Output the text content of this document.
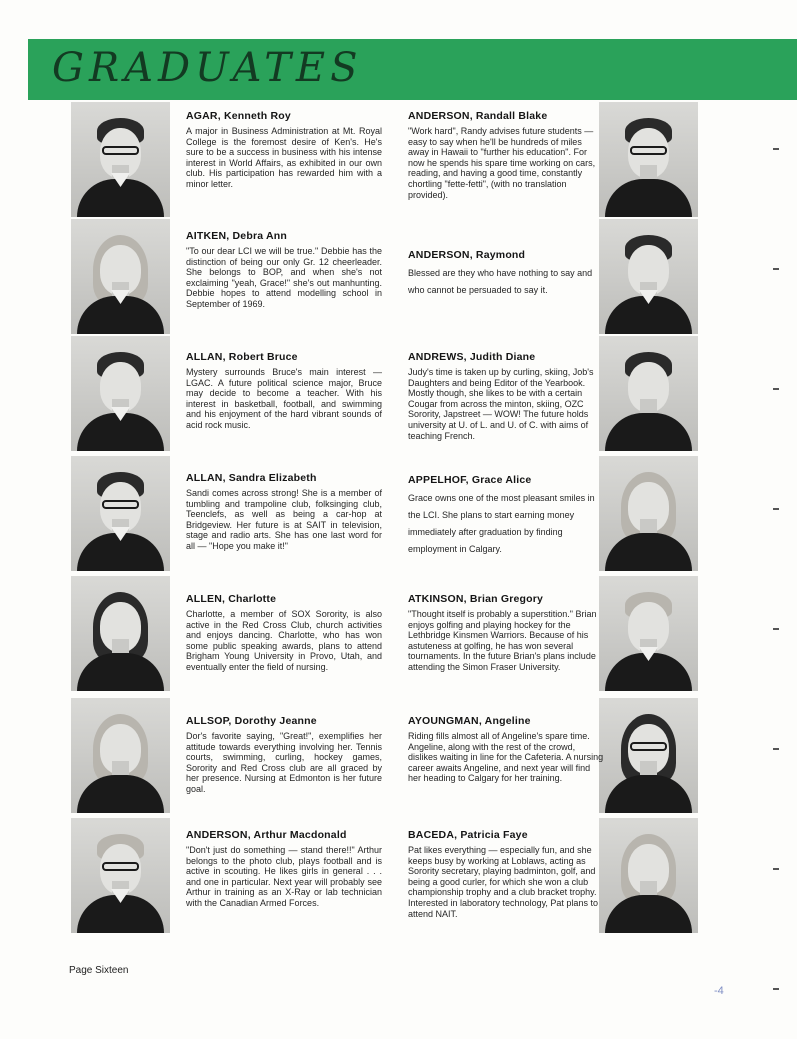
GRADUATES
AGAR, Kenneth Roy
A major in Business Administration at Mt. Royal College is the foremost desire of Ken's. He's sure to be a success in business with his intense interest in World Affairs, as exhibited in our own club. His participation has rewarded him with a minor letter.
AITKEN, Debra Ann
"To our dear LCI we will be true." Debbie has the distinction of being our only Gr. 12 cheerleader. She belongs to BOP, and when she's not exclaiming "yeah, Grace!" she's out manhunting. Debbie hopes to attend modelling school in September of 1969.
ALLAN, Robert Bruce
Mystery surrounds Bruce's main interest — LGAC. A future political science major, Bruce may decide to become a teacher. With his interest in basketball, football, and swimming and his enjoyment of the hard vibrant sounds of acid rock music.
ALLAN, Sandra Elizabeth
Sandi comes across strong! She is a member of tumbling and trampoline club, folksinging club, Teenclefs, as well as being a car-hop at Bridgeview. Her future is at SAIT in television, stage and radio arts. She has one last word for all — "Hope you make it!"
ALLEN, Charlotte
Charlotte, a member of SOX Sorority, is also active in the Red Cross Club, church activities and enjoys dancing. Charlotte, who has won some public speaking awards, plans to attend Brigham Young University in Provo, Utah, and eventually enter the field of nursing.
ALLSOP, Dorothy Jeanne
Dor's favorite saying, "Great!", exemplifies her attitude towards everything involving her. Tennis courts, swimming, curling, hockey games, Sorority and Red Cross club are all graced by her presence. Nursing at Edmonton is her future goal.
ANDERSON, Arthur Macdonald
"Don't just do something — stand there!!" Arthur belongs to the photo club, plays football and is active in scouting. He likes girls in general . . . and one in particular. Next year will probably see Arthur in training as an X-Ray or lab technician with the Canadian Armed Forces.
ANDERSON, Randall Blake
"Work hard", Randy advises future students — easy to say when he'll be hundreds of miles away in Hawaii to "further his education". For now he spends his spare time working on cars, reading, and having a good time, constantly chortling "fette-fetti", (with no translation provided).
ANDERSON, Raymond
Blessed are they who have nothing to say and who cannot be persuaded to say it.
ANDREWS, Judith Diane
Judy's time is taken up by curling, skiing, Job's Daughters and being Editor of the Yearbook. Mostly though, she likes to be with a certain Cougar from across the minton, skiing, OZC Sorority, Japstreet — WOW! The future holds university at U. of L. and U. of C. with aims of teaching French.
APPELHOF, Grace Alice
Grace owns one of the most pleasant smiles in the LCI. She plans to start earning money immediately after graduation by finding employment in Calgary.
ATKINSON, Brian Gregory
"Thought itself is probably a superstition." Brian enjoys golfing and playing hockey for the Lethbridge Kinsmen Warriors. Because of his astuteness at golfing, he has won several tournaments. In the future Brian's plans include attending the Simon Fraser University.
AYOUNGMAN, Angeline
Riding fills almost all of Angeline's spare time. Angeline, along with the rest of the crowd, dislikes waiting in line for the Cafeteria. A nursing career awaits Angeline, and next year will find her heading to Calgary for her training.
BACEDA, Patricia Faye
Pat likes everything — especially fun, and she keeps busy by working at Loblaws, acting as Sorority secretary, playing badminton, golf, and being a good curler, for which she won a club championship trophy and a club bracket trophy. Interested in laboratory technology, Pat plans to attend NAIT.
Page Sixteen
-4
